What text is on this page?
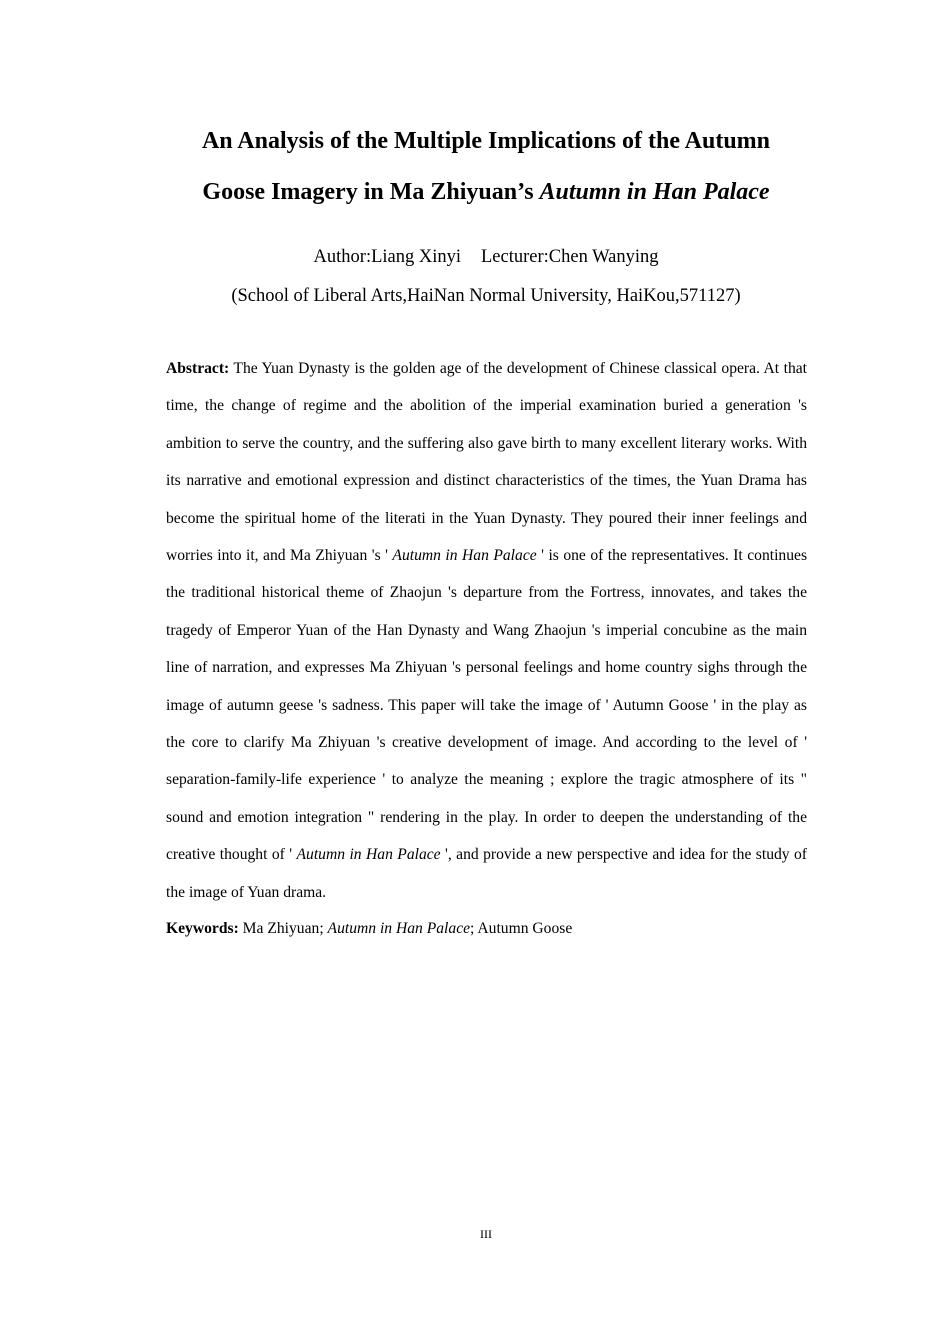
An Analysis of the Multiple Implications of the Autumn
Goose Imagery in Ma Zhiyuan’s Autumn in Han Palace
Author:Liang Xinyi Lecturer:Chen Wanying
(School of Liberal Arts,HaiNan Normal University, HaiKou,571127)

Abstract: The Yuan Dynasty is the golden age of the development of Chinese classical opera. At that time, the change of regime and the abolition of the imperial examination buried a generation 's ambition to serve the country, and the suffering also gave birth to many excellent literary works. With its narrative and emotional expression and distinct characteristics of the times, the Yuan Drama has become the spiritual home of the literati in the Yuan Dynasty. They poured their inner feelings and worries into it, and Ma Zhiyuan 's ' Autumn in Han Palace ' is one of the representatives. It continues the traditional historical theme of Zhaojun 's departure from the Fortress, innovates, and takes the tragedy of Emperor Yuan of the Han Dynasty and Wang Zhaojun 's imperial concubine as the main line of narration, and expresses Ma Zhiyuan 's personal feelings and home country sighs through the image of autumn geese 's sadness. This paper will take the image of ' Autumn Goose ' in the play as the core to clarify Ma Zhiyuan 's creative development of image. And according to the level of ' separation-family-life experience ' to analyze the meaning ; explore the tragic atmosphere of its " sound and emotion integration " rendering in the play. In order to deepen the understanding of the creative thought of ' Autumn in Han Palace ', and provide a new perspective and idea for the study of the image of Yuan drama.

Keywords: Ma Zhiyuan; Autumn in Han Palace; Autumn Goose
III
